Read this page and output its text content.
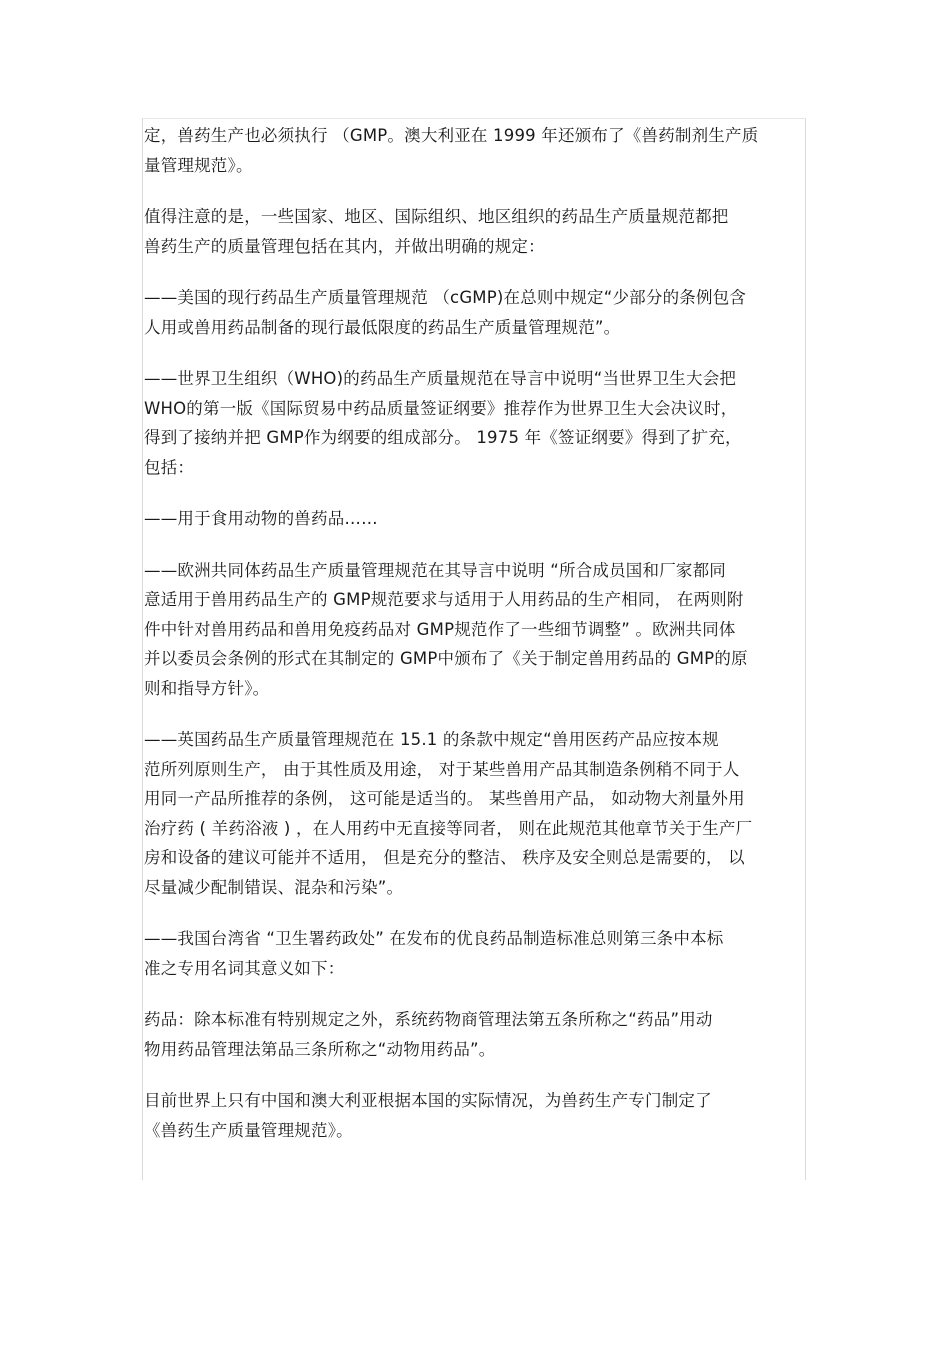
定，兽药生产也必须执行 （GMP。澳大利亚在 1999 年还颁布了《兽药制剂生产质
量管理规范》。
值得注意的是，一些国家、地区、国际组织、地区组织的药品生产质量规范都把
兽药生产的质量管理包括在其内，并做出明确的规定：
——美国的现行药品生产质量管理规范 （cGMP)在总则中规定“少部分的条例包含
人用或兽用药品制备的现行最低限度的药品生产质量管理规范”。
——世界卫生组织（WHO)的药品生产质量规范在导言中说明“当世界卫生大会把
WHO的第一版《国际贸易中药品质量签证纲要》推荐作为世界卫生大会决议时，
得到了接纳并把 GMP作为纲要的组成部分。 1975 年《签证纲要》得到了扩充，
包括：
——用于食用动物的兽药品……
——欧洲共同体药品生产质量管理规范在其导言中说明 “所合成员国和厂家都同
意适用于兽用药品生产的 GMP规范要求与适用于人用药品的生产相同， 在两则附
件中针对兽用药品和兽用免疫药品对 GMP规范作了一些细节调整” 。欧洲共同体
并以委员会条例的形式在其制定的 GMP中颁布了《关于制定兽用药品的 GMP的原
则和指导方针》。
——英国药品生产质量管理规范在 15.1 的条款中规定“兽用医药产品应按本规
范所列原则生产， 由于其性质及用途， 对于某些兽用产品其制造条例稍不同于人
用同一产品所推荐的条例， 这可能是适当的。 某些兽用产品， 如动物大剂量外用
治疗药 ( 羊药浴液 ) ，在人用药中无直接等同者， 则在此规范其他章节关于生产厂
房和设备的建议可能并不适用， 但是充分的整洁、 秩序及安全则总是需要的， 以
尽量减少配制错误、混杂和污染”。
——我国台湾省 “卫生署药政处” 在发布的优良药品制造标准总则第三条中本标
准之专用名词其意义如下：
药品：除本标准有特别规定之外，系统药物商管理法第五条所称之“药品”用动
物用药品管理法第品三条所称之“动物用药品”。
目前世界上只有中国和澳大利亚根据本国的实际情况，为兽药生产专门制定了
《兽药生产质量管理规范》。
